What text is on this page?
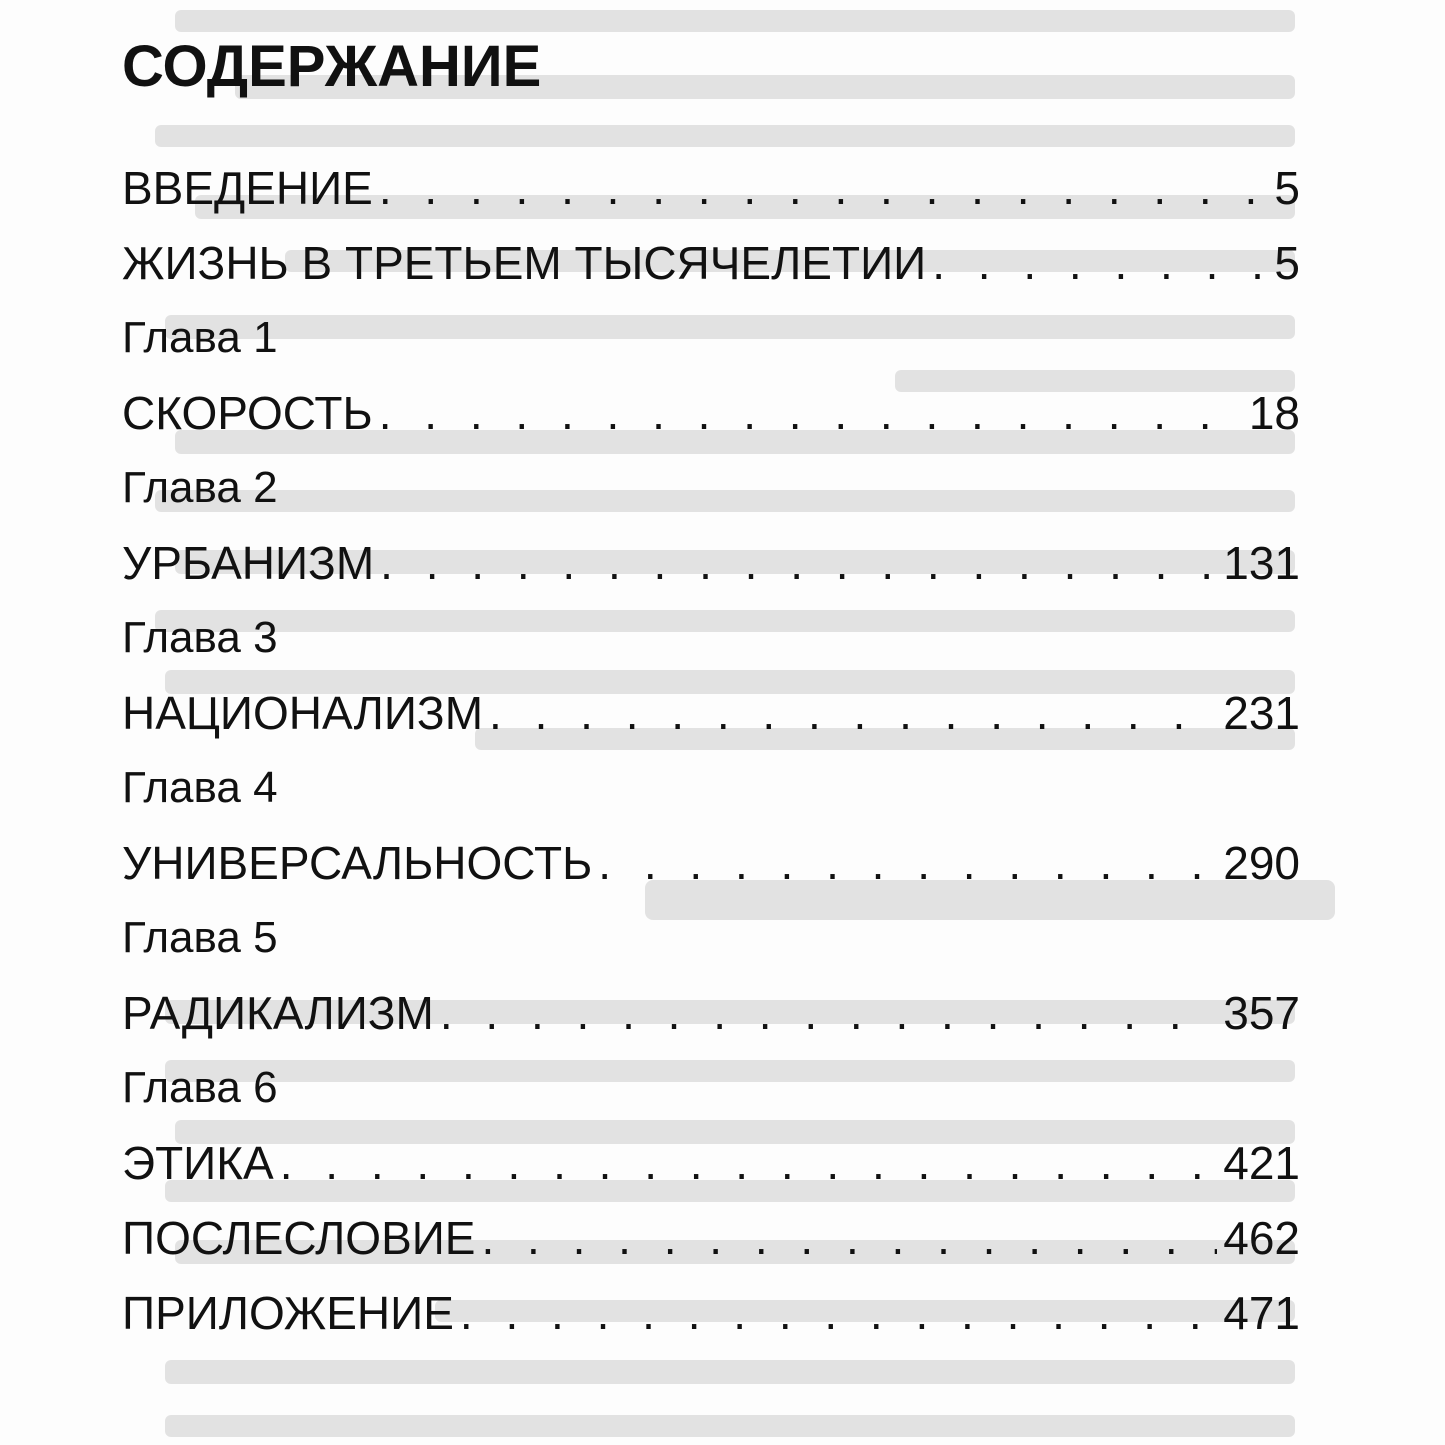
СОДЕРЖАНИЕ
ВВЕДЕНИЕ . . .	5
ЖИЗНЬ В ТРЕТЬЕМ ТЫСЯЧЕЛЕТИИ . . .	5
Глава 1
СКОРОСТЬ . . .	18
Глава 2
УРБАНИЗМ . . .	131
Глава 3
НАЦИОНАЛИЗМ . . .	231
Глава 4
УНИВЕРСАЛЬНОСТЬ . . .	290
Глава 5
РАДИКАЛИЗМ . . .	357
Глава 6
ЭТИКА . . .	421
ПОСЛЕСЛОВИЕ . . .	462
ПРИЛОЖЕНИЕ . . .	471
